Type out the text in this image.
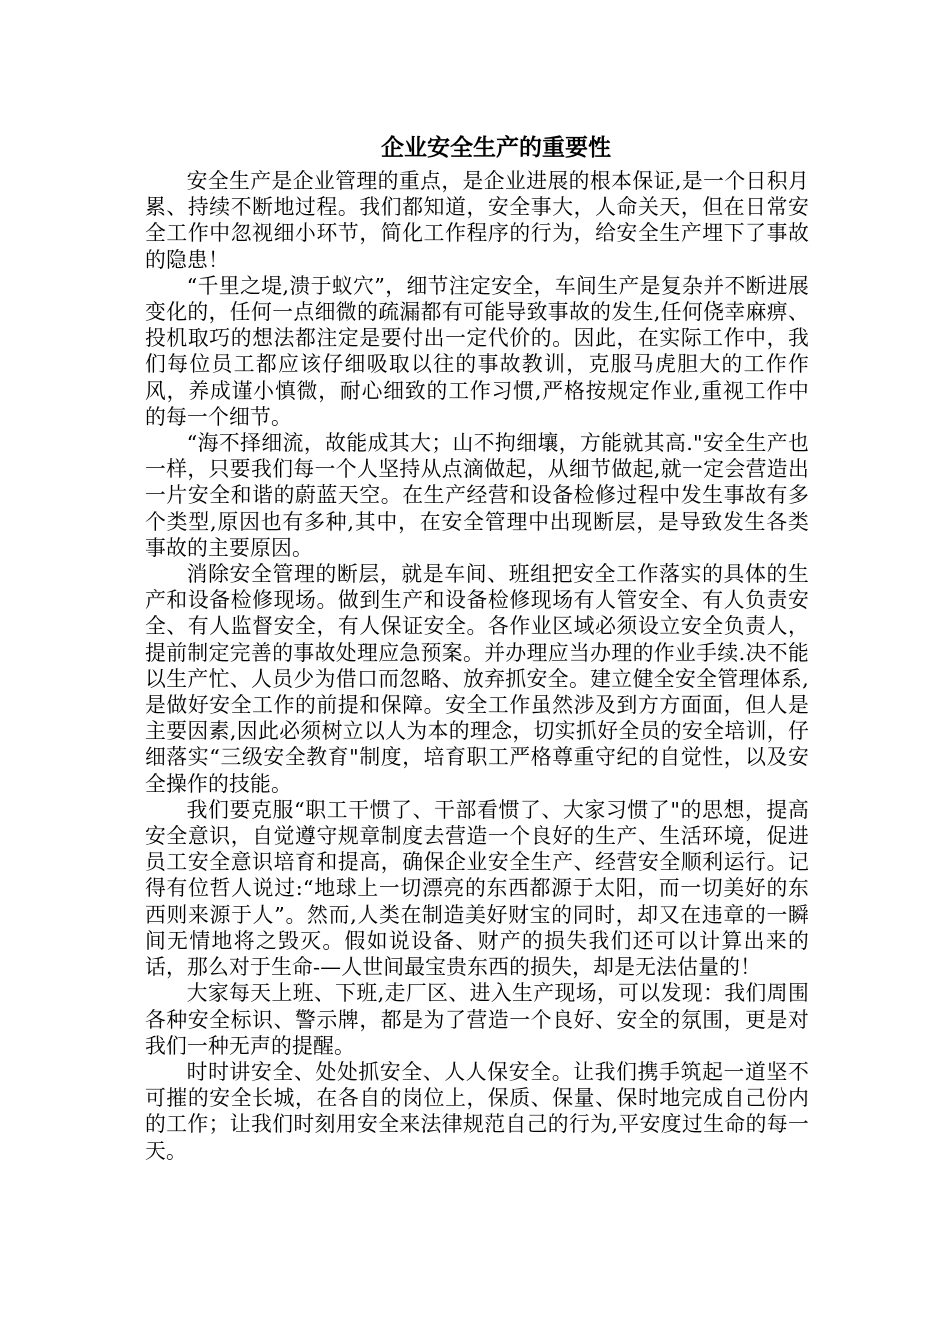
企业安全生产的重要性

安全生产是企业管理的重点，是企业进展的根本保证,是一个日积月累、持续不断地过程。我们都知道，安全事大，人命关天，但在日常安全工作中忽视细小环节，简化工作程序的行为，给安全生产埋下了事故的隐患！

“千里之堤,溃于蚁穴”，细节注定安全，车间生产是复杂并不断进展变化的，任何一点细微的疏漏都有可能导致事故的发生,任何侥幸麻痹、投机取巧的想法都注定是要付出一定代价的。因此，在实际工作中，我们每位员工都应该仔细吸取以往的事故教训，克服马虎胆大的工作作风，养成谨小慎微，耐心细致的工作习惯,严格按规定作业,重视工作中的每一个细节。

“海不择细流，故能成其大；山不拘细壤，方能就其高."安全生产也一样，只要我们每一个人坚持从点滴做起，从细节做起,就一定会营造出一片安全和谐的蔚蓝天空。在生产经营和设备检修过程中发生事故有多个类型,原因也有多种,其中，在安全管理中出现断层，是导致发生各类事故的主要原因。

消除安全管理的断层，就是车间、班组把安全工作落实的具体的生产和设备检修现场。做到生产和设备检修现场有人管安全、有人负责安全、有人监督安全，有人保证安全。各作业区域必须设立安全负责人，提前制定完善的事故处理应急预案。并办理应当办理的作业手续.决不能以生产忙、人员少为借口而忽略、放弃抓安全。建立健全安全管理体系,是做好安全工作的前提和保障。安全工作虽然涉及到方方面面，但人是主要因素,因此必须树立以人为本的理念，切实抓好全员的安全培训，仔细落实“三级安全教育"制度，培育职工严格尊重守纪的自觉性，以及安全操作的技能。

我们要克服“职工干惯了、干部看惯了、大家习惯了"的思想，提高安全意识，自觉遵守规章制度去营造一个良好的生产、生活环境，促进员工安全意识培育和提高，确保企业安全生产、经营安全顺利运行。记得有位哲人说过:“地球上一切漂亮的东西都源于太阳，而一切美好的东西则来源于人”。然而,人类在制造美好财宝的同时，却又在违章的一瞬间无情地将之毁灭。假如说设备、财产的损失我们还可以计算出来的话，那么对于生命-—人世间最宝贵东西的损失，却是无法估量的！

大家每天上班、下班,走厂区、进入生产现场，可以发现：我们周围各种安全标识、警示牌，都是为了营造一个良好、安全的氛围，更是对我们一种无声的提醒。

时时讲安全、处处抓安全、人人保安全。让我们携手筑起一道坚不可摧的安全长城，在各自的岗位上，保质、保量、保时地完成自己份内的工作；让我们时刻用安全来法律规范自己的行为,平安度过生命的每一天。
